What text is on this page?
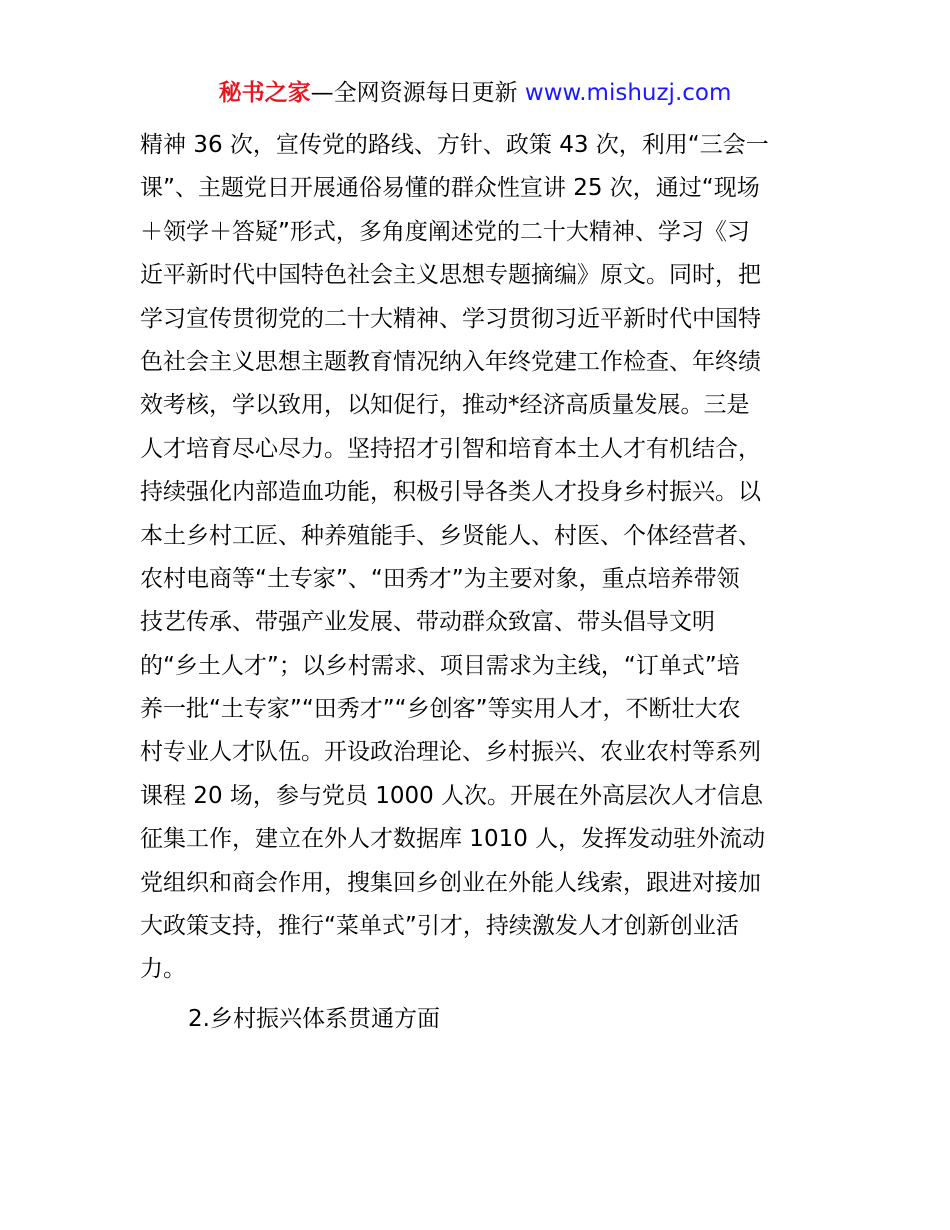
秘书之家—全网资源每日更新 www.mishuzj.com
精神 36 次，宣传党的路线、方针、政策 43 次，利用“三会一
课”、主题党日开展通俗易懂的群众性宣讲 25 次，通过“现场
＋领学＋答疑”形式，多角度阐述党的二十大精神、学习《习
近平新时代中国特色社会主义思想专题摘编》原文。同时，把
学习宣传贯彻党的二十大精神、学习贯彻习近平新时代中国特
色社会主义思想主题教育情况纳入年终党建工作检查、年终绩
效考核，学以致用，以知促行，推动*经济高质量发展。三是
人才培育尽心尽力。坚持招才引智和培育本土人才有机结合，
持续强化内部造血功能，积极引导各类人才投身乡村振兴。以
本土乡村工匠、种养殖能手、乡贤能人、村医、个体经营者、
农村电商等“土专家”、“田秀才”为主要对象，重点培养带领
技艺传承、带强产业发展、带动群众致富、带头倡导文明
的“乡土人才”；以乡村需求、项目需求为主线，“订单式”培
养一批“土专家”“田秀才”“乡创客”等实用人才，不断壮大农
村专业人才队伍。开设政治理论、乡村振兴、农业农村等系列
课程 20 场，参与党员 1000 人次。开展在外高层次人才信息
征集工作，建立在外人才数据库 1010 人，发挥发动驻外流动
党组织和商会作用，搜集回乡创业在外能人线索，跟进对接加
大政策支持，推行“菜单式”引才，持续激发人才创新创业活
力。
2.乡村振兴体系贯通方面
